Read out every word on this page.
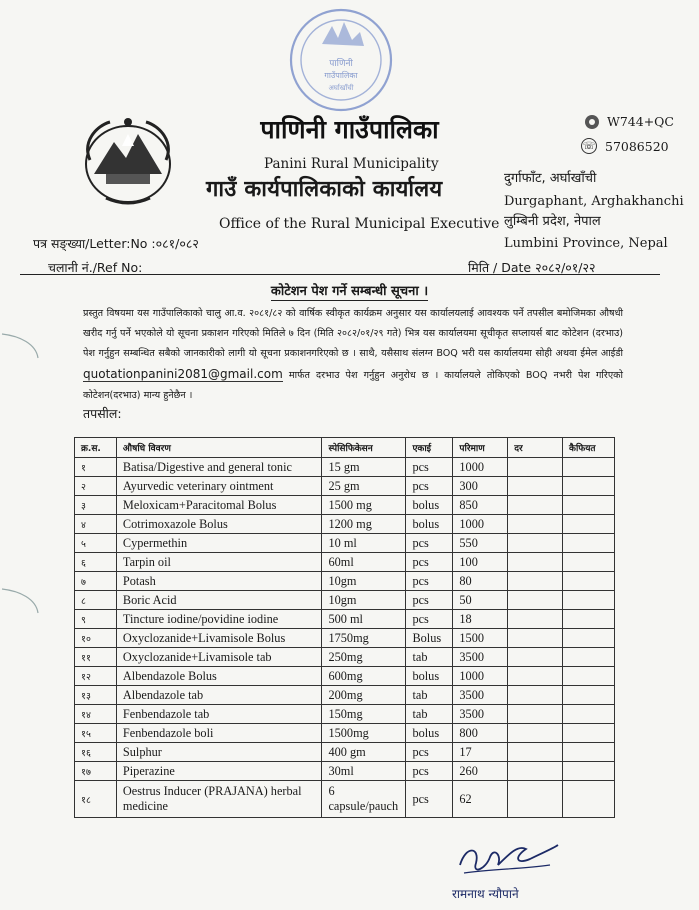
पाणिनी
गाउँपालिका
अर्घाखाँची
पाणिनी गाउँपालिका
Panini Rural Municipality
गाउँ कार्यपालिकाको कार्यालय
Office of the Rural Municipal Executive
W744+QC
☏ 57086520
दुर्गाफाँट, अर्घाखाँची
Durgaphant, Arghakhanchi
लुम्बिनी प्रदेश, नेपाल
Lumbini Province, Nepal
पत्र सङ्ख्या/Letter:No :०८१/०८२
चलानी नं./Ref No:	मिति / Date २०८२/०१/२२
कोटेशन पेश गर्ने सम्बन्धी सूचना ।
प्रस्तुत विषयमा यस गाउँपालिकाको चालु आ.व. २०८१/८२ को वार्षिक स्वीकृत कार्यक्रम अनुसार यस कार्यालयलाई आवश्यक पर्ने तपसील बमोजिमका औषधी खरीद गर्नु पर्ने भएकोले यो सूचना प्रकाशन गरिएको मितिले ७ दिन (मिति २०८२/०१/२९ गते) भित्र यस कार्यालयमा सूचीकृत सप्लायर्स बाट कोटेशन (दरभाउ) पेश गर्नुहुन सम्बन्धित सबैको जानकारीको लागी यो सूचना प्रकाशनगरिएको छ । साथै, यसैसाथ संलग्न BOQ भरी यस कार्यालयमा सोही अथवा ईमेल आईडी quotationpanini2081@gmail.com मार्फत दरभाउ पेश गर्नुहुन अनुरोध छ । कार्यालयले तोकिएको BOQ नभरी पेश गरिएको कोटेशन(दरभाउ) मान्य हुनेछैन ।
तपसील:
क्र.स.	औषधि विवरण	स्पेसिफिकेसन	एकाई	परिमाण	दर	कैफियत
१	Batisa/Digestive and general tonic	15 gm	pcs	1000		
२	Ayurvedic veterinary ointment	25 gm	pcs	300		
३	Meloxicam+Paracitomal Bolus	1500 mg	bolus	850		
४	Cotrimoxazole Bolus	1200 mg	bolus	1000		
५	Cypermethin	10 ml	pcs	550		
६	Tarpin oil	60ml	pcs	100		
७	Potash	10gm	pcs	80		
८	Boric Acid	10gm	pcs	50		
९	Tincture iodine/povidine iodine	500 ml	pcs	18		
१०	Oxyclozanide+Livamisole Bolus	1750mg	Bolus	1500		
११	Oxyclozanide+Livamisole tab	250mg	tab	3500		
१२	Albendazole Bolus	600mg	bolus	1000		
१३	Albendazole tab	200mg	tab	3500		
१४	Fenbendazole tab	150mg	tab	3500		
१५	Fenbendazole boli	1500mg	bolus	800		
१६	Sulphur	400 gm	pcs	17		
१७	Piperazine	30ml	pcs	260		
१८	Oestrus Inducer (PRAJANA) herbal medicine	6 capsule/pauch	pcs	62		
रामनाथ न्यौपाने
